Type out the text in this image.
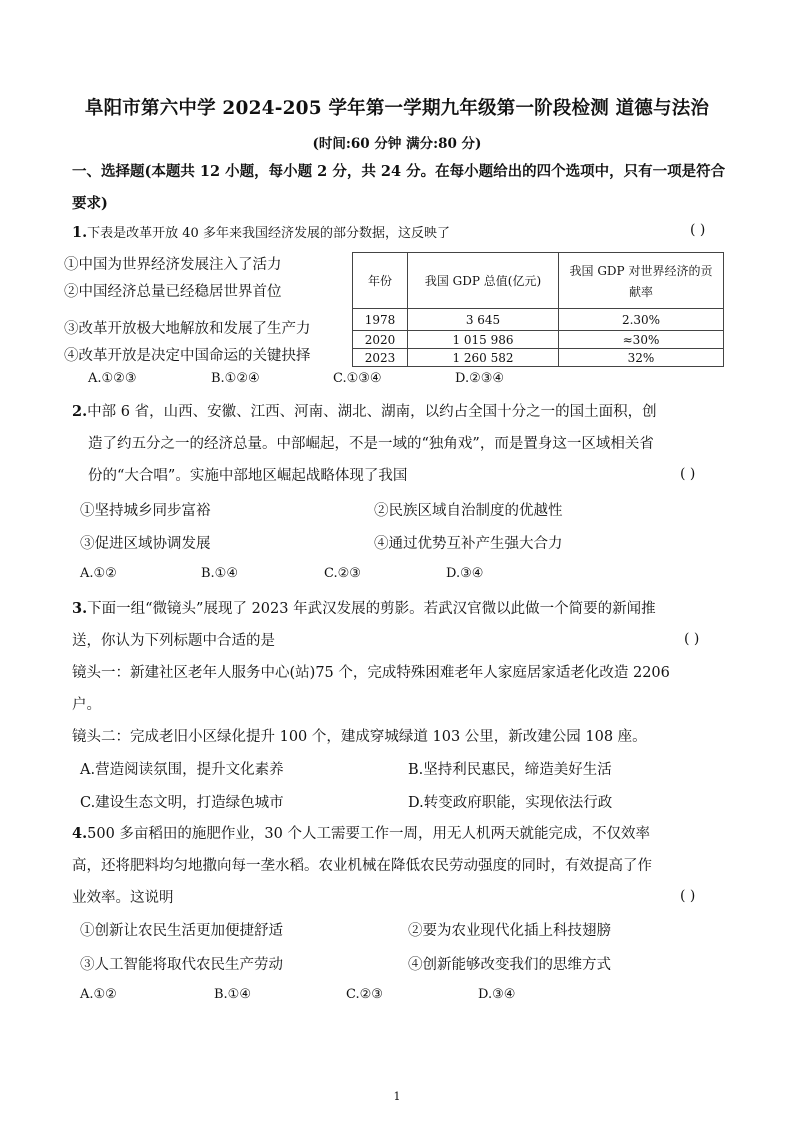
阜阳市第六中学 2024-205 学年第一学期九年级第一阶段检测 道德与法治
(时间:60 分钟 满分:80 分)
一、选择题(本题共 12 小题，每小题 2 分，共 24 分。在每小题给出的四个选项中，只有一项是符合
要求)
1.下表是改革开放 40 多年来我国经济发展的部分数据，这反映了	( )
①中国为世界经济发展注入了活力
②中国经济总量已经稳居世界首位
③改革开放极大地解放和发展了生产力
④改革开放是决定中国命运的关键抉择
年份	我国 GDP 总值(亿元)	我国 GDP 对世界经济的贡
献率

1978	3 645	2.30%
2020	1 015 986	≈30%
2023	1 260 582	32%
A.①②③	B.①②④	C.①③④	D.②③④
2.中部 6 省，山西、安徽、江西、河南、湖北、湖南，以约占全国十分之一的国土面积，创
造了约五分之一的经济总量。中部崛起，不是一域的“独角戏”，而是置身这一区域相关省
份的“大合唱”。实施中部地区崛起战略体现了我国	( )
①坚持城乡同步富裕	②民族区域自治制度的优越性
③促进区域协调发展	④通过优势互补产生强大合力
A.①②	B.①④	C.②③	D.③④
3.下面一组“微镜头”展现了 2023 年武汉发展的剪影。若武汉官微以此做一个简要的新闻推
送，你认为下列标题中合适的是	( )
镜头一：新建社区老年人服务中心(站)75 个，完成特殊困难老年人家庭居家适老化改造 2206
户。
镜头二：完成老旧小区绿化提升 100 个，建成穿城绿道 103 公里，新改建公园 108 座。
A.营造阅读氛围，提升文化素养	B.坚持利民惠民，缔造美好生活
C.建设生态文明，打造绿色城市	D.转变政府职能，实现依法行政
4.500 多亩稻田的施肥作业，30 个人工需要工作一周，用无人机两天就能完成，不仅效率
高，还将肥料均匀地撒向每一垄水稻。农业机械在降低农民劳动强度的同时，有效提高了作
业效率。这说明	( )
①创新让农民生活更加便捷舒适	②要为农业现代化插上科技翅膀
③人工智能将取代农民生产劳动	④创新能够改变我们的思维方式
A.①②	B.①④	C.②③	D.③④
1
